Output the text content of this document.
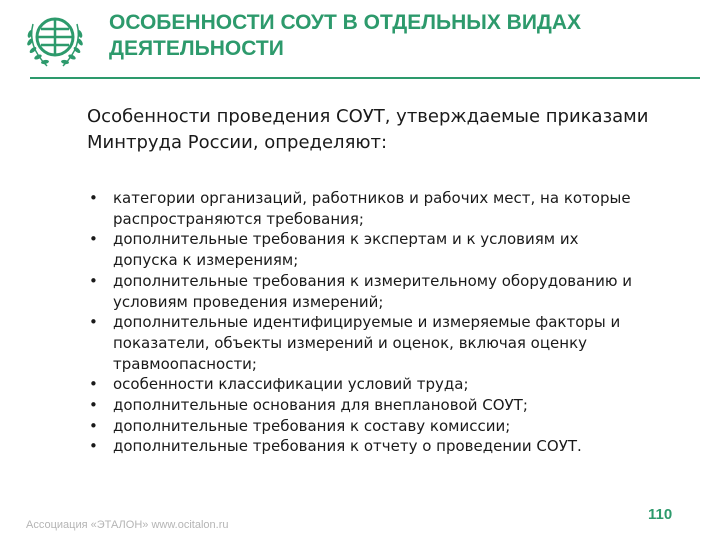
ОСОБЕННОСТИ СОУТ В ОТДЕЛЬНЫХ ВИДАХ ДЕЯТЕЛЬНОСТИ

Особенности проведения СОУТ, утверждаемые приказами Минтруда России, определяют:

• категории организаций, работников и рабочих мест, на которые распространяются требования;
• дополнительные требования к экспертам и к условиям их допуска к измерениям;
• дополнительные требования к измерительному оборудованию и условиям проведения измерений;
• дополнительные идентифицируемые и измеряемые факторы и показатели, объекты измерений и оценок, включая оценку травмоопасности;
• особенности классификации условий труда;
• дополнительные основания для внеплановой СОУТ;
• дополнительные требования к составу комиссии;
• дополнительные требования к отчету о проведении СОУТ.
Ассоциация «ЭТАЛОН» www.ocitalon.ru
110
